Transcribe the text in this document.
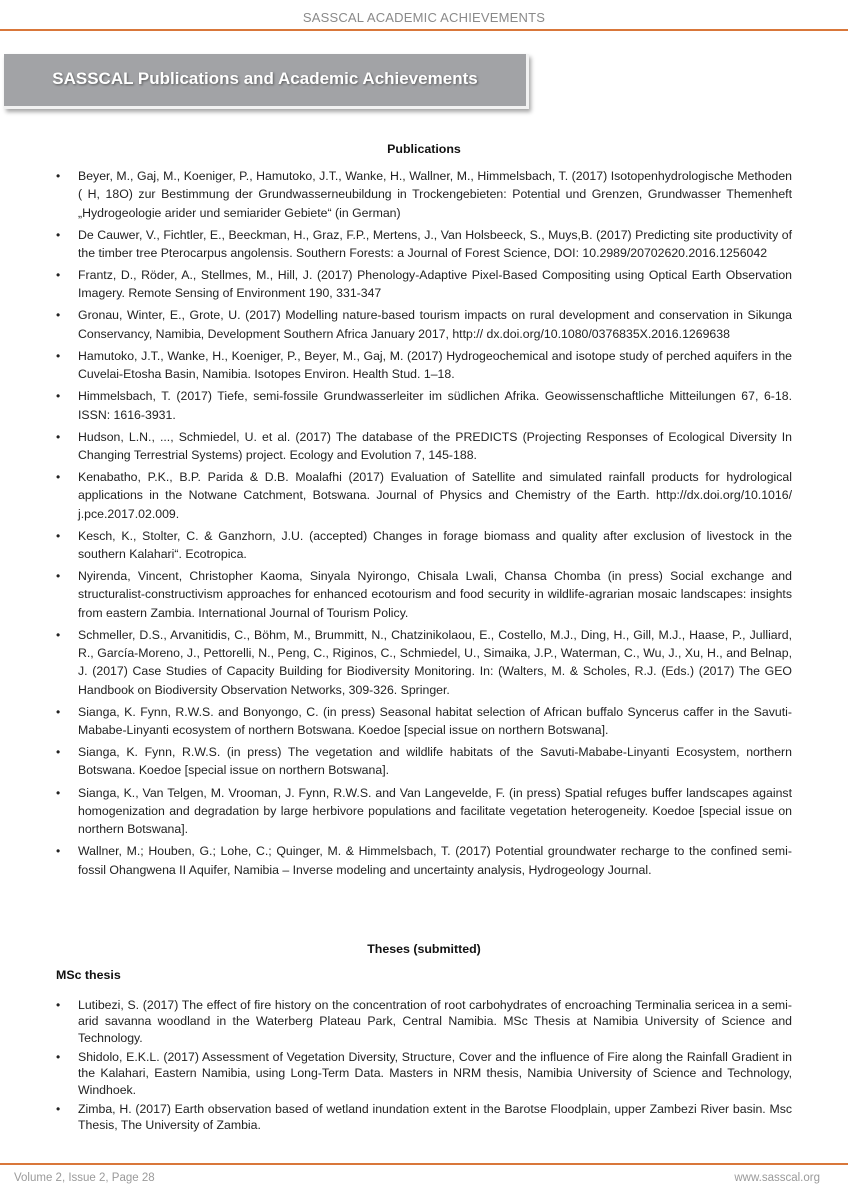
SASSCAL ACADEMIC ACHIEVEMENTS
SASSCAL Publications and Academic Achievements
Publications
• Beyer, M., Gaj, M., Koeniger, P., Hamutoko, J.T., Wanke, H., Wallner, M., Himmelsbach, T. (2017) Isotopenhydrologische Methoden ( H, 18O) zur Bestimmung der Grundwasserneubildung in Trockengebieten: Potential und Grenzen, Grundwasser Themenheft „Hydrogeologie arider und semiarider Gebiete“ (in German)
• De Cauwer, V., Fichtler, E., Beeckman, H., Graz, F.P., Mertens, J., Van Holsbeeck, S., Muys,B. (2017) Predicting site productivity of the timber tree Pterocarpus angolensis. Southern Forests: a Journal of Forest Science, DOI: 10.2989/20702620.2016.1256042
• Frantz, D., Röder, A., Stellmes, M., Hill, J. (2017) Phenology-Adaptive Pixel-Based Compositing using Optical Earth Observation Imagery. Remote Sensing of Environment 190, 331-347
• Gronau, Winter, E., Grote, U. (2017) Modelling nature-based tourism impacts on rural development and conservation in Sikunga Conservancy, Namibia, Development Southern Africa January 2017, http:// dx.doi.org/10.1080/0376835X.2016.1269638
• Hamutoko, J.T., Wanke, H., Koeniger, P., Beyer, M., Gaj, M. (2017) Hydrogeochemical and isotope study of perched aquifers in the Cuvelai-Etosha Basin, Namibia. Isotopes Environ. Health Stud. 1–18.
• Himmelsbach, T. (2017) Tiefe, semi-fossile Grundwasserleiter im südlichen Afrika. Geowissenschaftliche Mitteilungen 67, 6-18. ISSN: 1616-3931.
• Hudson, L.N., ..., Schmiedel, U. et al. (2017) The database of the PREDICTS (Projecting Responses of Ecological Diversity In Changing Terrestrial Systems) project. Ecology and Evolution 7, 145-188.
• Kenabatho, P.K., B.P. Parida & D.B. Moalafhi (2017) Evaluation of Satellite and simulated rainfall products for hydrological applications in the Notwane Catchment, Botswana. Journal of Physics and Chemistry of the Earth. http://dx.doi.org/10.1016/ j.pce.2017.02.009.
• Kesch, K., Stolter, C. & Ganzhorn, J.U. (accepted) Changes in forage biomass and quality after exclusion of livestock in the southern Kalahari“. Ecotropica.
• Nyirenda, Vincent, Christopher Kaoma, Sinyala Nyirongo, Chisala Lwali, Chansa Chomba (in press) Social exchange and structuralist-constructivism approaches for enhanced ecotourism and food security in wildlife-agrarian mosaic landscapes: insights from eastern Zambia. International Journal of Tourism Policy.
• Schmeller, D.S., Arvanitidis, C., Böhm, M., Brummitt, N., Chatzinikolaou, E., Costello, M.J., Ding, H., Gill, M.J., Haase, P., Julliard, R., García-Moreno, J., Pettorelli, N., Peng, C., Riginos, C., Schmiedel, U., Simaika, J.P., Waterman, C., Wu, J., Xu, H., and Belnap, J. (2017) Case Studies of Capacity Building for Biodiversity Monitoring. In: (Walters, M. & Scholes, R.J. (Eds.) (2017) The GEO Handbook on Biodiversity Observation Networks, 309-326. Springer.
• Sianga, K. Fynn, R.W.S. and Bonyongo, C. (in press) Seasonal habitat selection of African buffalo Syncerus caffer in the Savuti-Mababe-Linyanti ecosystem of northern Botswana. Koedoe [special issue on northern Botswana].
• Sianga, K. Fynn, R.W.S. (in press) The vegetation and wildlife habitats of the Savuti-Mababe-Linyanti Ecosystem, northern Botswana. Koedoe [special issue on northern Botswana].
• Sianga, K., Van Telgen, M. Vrooman, J. Fynn, R.W.S. and Van Langevelde, F. (in press) Spatial refuges buffer landscapes against homogenization and degradation by large herbivore populations and facilitate vegetation heterogeneity. Koedoe [special issue on northern Botswana].
• Wallner, M.; Houben, G.; Lohe, C.; Quinger, M. & Himmelsbach, T. (2017) Potential groundwater recharge to the confined semi-fossil Ohangwena II Aquifer, Namibia – Inverse modeling and uncertainty analysis, Hydrogeology Journal.
Theses (submitted)
MSc thesis
• Lutibezi, S. (2017) The effect of fire history on the concentration of root carbohydrates of encroaching Terminalia sericea in a semi-arid savanna woodland in the Waterberg Plateau Park, Central Namibia. MSc Thesis at Namibia University of Science and Technology.
• Shidolo, E.K.L. (2017) Assessment of Vegetation Diversity, Structure, Cover and the influence of Fire along the Rainfall Gradient in the Kalahari, Eastern Namibia, using Long-Term Data. Masters in NRM thesis, Namibia University of Science and Technology, Windhoek.
• Zimba, H. (2017) Earth observation based of wetland inundation extent in the Barotse Floodplain, upper Zambezi River basin. Msc Thesis, The University of Zambia.
Volume 2, Issue 2, Page 28	www.sasscal.org
